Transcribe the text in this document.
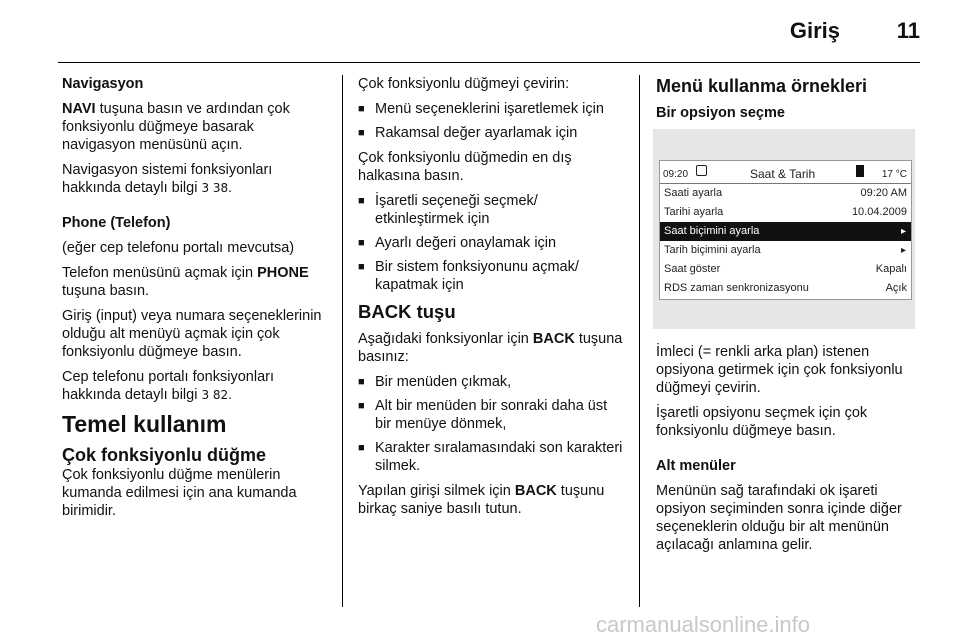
Giriş	11

Navigasyon

NAVI tuşuna basın ve ardından çok fonksiyonlu düğmeye basarak navigasyon menüsünü açın.

Navigasyon sistemi fonksiyonları hakkında detaylı bilgi 3 38.

Phone (Telefon)

(eğer cep telefonu portalı mevcutsa)

Telefon menüsünü açmak için PHONE tuşuna basın.

Giriş (input) veya numara seçeneklerinin olduğu alt menüyü açmak için çok fonksiyonlu düğmeye basın.

Cep telefonu portalı fonksiyonları hakkında detaylı bilgi 3 82.

Temel kullanım

Çok fonksiyonlu düğme

Çok fonksiyonlu düğme menülerin kumanda edilmesi için ana kumanda birimidir.

Çok fonksiyonlu düğmeyi çevirin:

■ Menü seçeneklerini işaretlemek için
■ Rakamsal değer ayarlamak için

Çok fonksiyonlu düğmedin en dış halkasına basın.

■ İşaretli seçeneği seçmek/ etkinleştirmek için
■ Ayarlı değeri onaylamak için
■ Bir sistem fonksiyonunu açmak/ kapatmak için

BACK tuşu

Aşağıdaki fonksiyonlar için BACK tuşuna basınız:

■ Bir menüden çıkmak,
■ Alt bir menüden bir sonraki daha üst bir menüye dönmek,
■ Karakter sıralamasındaki son karakteri silmek.

Yapılan girişi silmek için BACK tuşunu birkaç saniye basılı tutun.

Menü kullanma örnekleri

Bir opsiyon seçme

09:20	Saat & Tarih	17 °C
Saati ayarla	09:20 AM
Tarihi ayarla	10.04.2009
Saat biçimini ayarla	▸
Tarih biçimini ayarla	▸
Saat göster	Kapalı
RDS zaman senkronizasyonu	Açık

İmleci (= renkli arka plan) istenen opsiyona getirmek için çok fonksiyonlu düğmeyi çevirin.

İşaretli opsiyonu seçmek için çok fonksiyonlu düğmeye basın.

Alt menüler

Menünün sağ tarafındaki ok işareti opsiyon seçiminden sonra içinde diğer seçeneklerin olduğu bir alt menünün açılacağı anlamına gelir.

carmanualsonline.info
